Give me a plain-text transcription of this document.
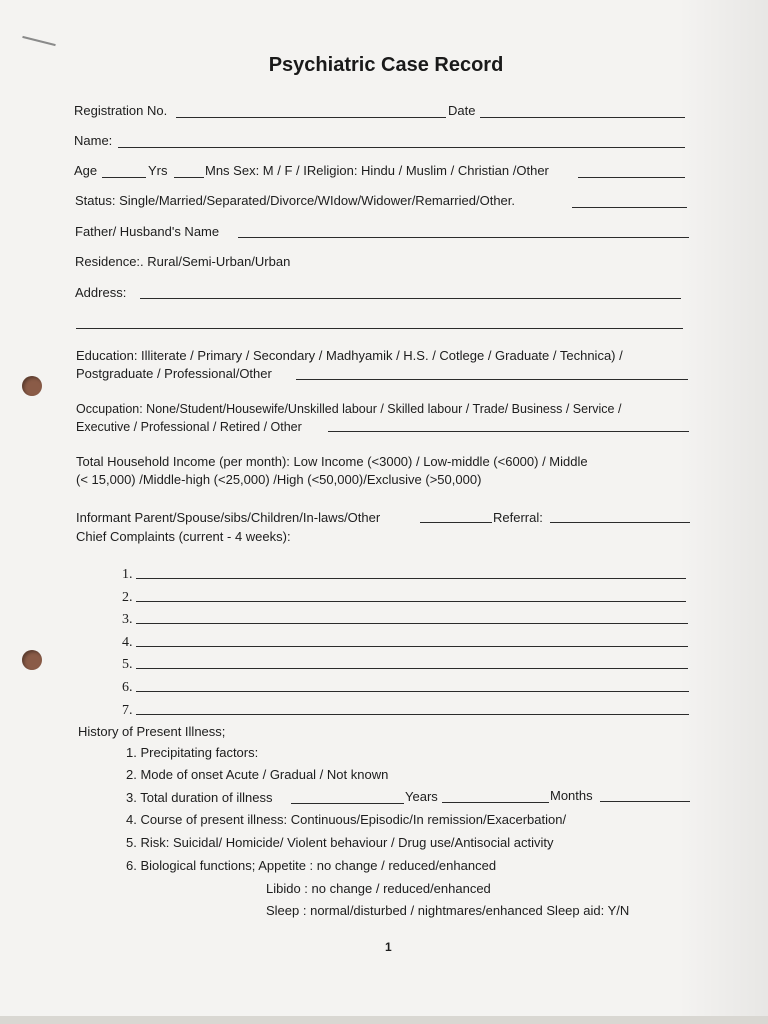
Psychiatric Case Record
Registration No.	Date
Name:
Age	Yrs	Mns Sex: M / F / IReligion: Hindu / Muslim / Christian /Other
Status: Single/Married/Separated/Divorce/WIdow/Widower/Remarried/Other.
Father/ Husband's Name
Residence:. Rural/Semi-Urban/Urban
Address:
Education: Illiterate / Primary / Secondary / Madhyamik / H.S. / Cotlege / Graduate / Technica) /
Postgraduate / Professional/Other
Occupation: None/Student/Housewife/Unskilled labour / Skilled labour / Trade/ Business / Service /
Executive / Professional / Retired / Other
Total Household Income (per month): Low Income (<3000) / Low-middle (<6000) / Middle
(< 15,000) /Middle-high (<25,000) /High (<50,000)/Exclusive (>50,000)
Informant Parent/Spouse/sibs/Children/In-laws/Other	Referral:
Chief Complaints (current - 4 weeks):
1.
2.
3.
4.
5.
6.
7.
History of Present Illness;
1. Precipitating factors:
2. Mode of onset Acute / Gradual / Not known
3. Total duration of illness	Years	Months
4. Course of present illness: Continuous/Episodic/In remission/Exacerbation/
5. Risk: Suicidal/ Homicide/ Violent behaviour / Drug use/Antisocial activity
6. Biological functions; Appetite : no change / reduced/enhanced
Libido : no change / reduced/enhanced
Sleep : normal/disturbed / nightmares/enhanced Sleep aid: Y/N
1
